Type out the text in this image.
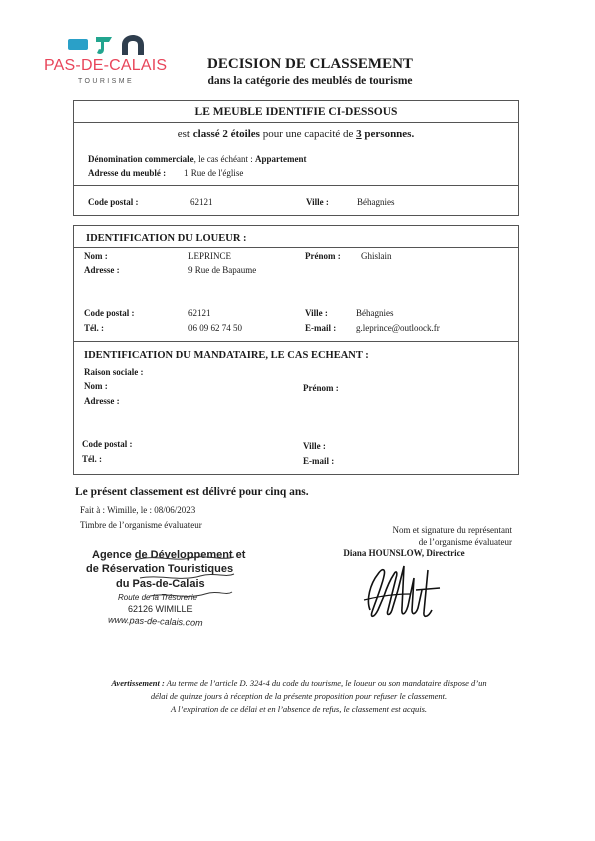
PAS-DE-CALAIS
TOURISME
DECISION DE CLASSEMENT
dans la catégorie des meublés de tourisme
LE MEUBLE IDENTIFIE CI-DESSOUS
est classé 2 étoiles pour une capacité de 3 personnes.
Dénomination commerciale, le cas échéant : Appartement
Adresse du meublé : 1 Rue de l'église
Code postal :	62121	Ville :	Béhagnies
IDENTIFICATION DU LOUEUR :
Nom :	LEPRINCE	Prénom : Ghislain
Adresse :	9 Rue de Bapaume
Code postal :	62121	Ville :	Béhagnies
Tél. :	06 09 62 74 50	E-mail : g.leprince@outloock.fr
IDENTIFICATION DU MANDATAIRE, LE CAS ECHEANT :
Raison sociale :
Nom :	Prénom :
Adresse :
Code postal :	Ville :
Tél. :	E-mail :
Le présent classement est délivré pour cinq ans.
Fait à : Wimille, le : 08/06/2023
Timbre de l’organisme évaluateur	Nom et signature du représentant
de l’organisme évaluateur
Diana HOUNSLOW, Directrice
Agence de Développement et
de Réservation Touristiques
du Pas-de-Calais
Route de la Trésorerie
62126 WIMILLE
www.pas-de-calais.com
Avertissement : Au terme de l’article D. 324-4 du code du tourisme, le loueur ou son mandataire dispose d’un
délai de quinze jours à réception de la présente proposition pour refuser le classement.
A l’expiration de ce délai et en l’absence de refus, le classement est acquis.
